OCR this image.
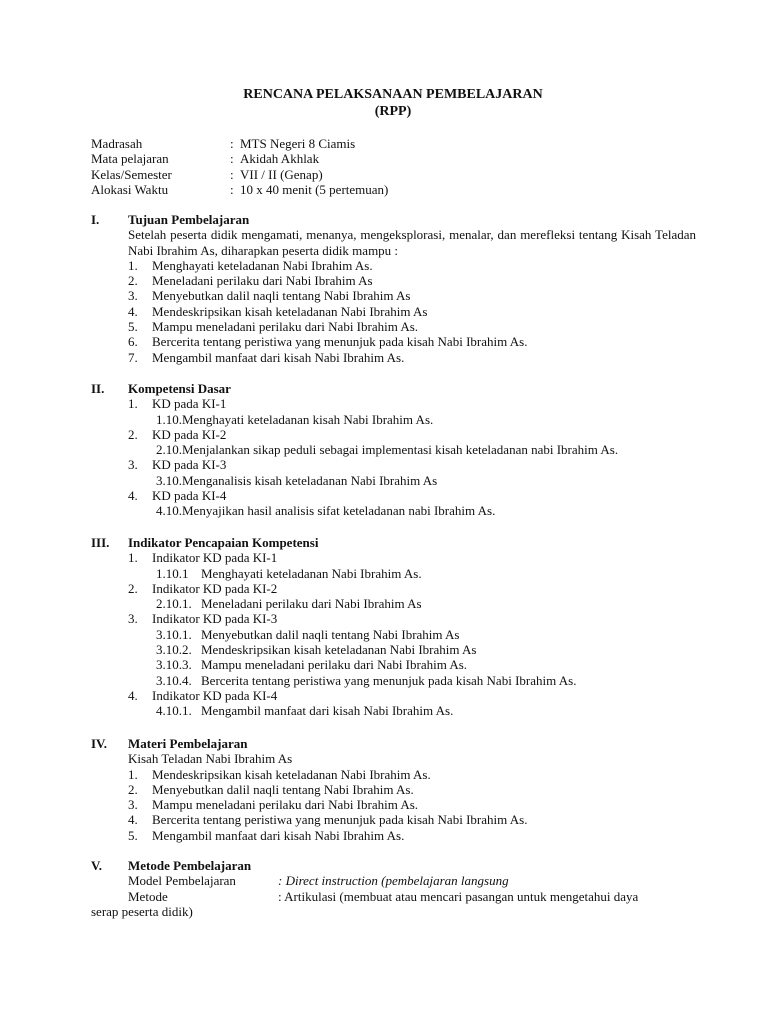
RENCANA PELAKSANAAN PEMBELAJARAN
(RPP)
Madrasah	: MTS Negeri 8 Ciamis
Mata pelajaran	: Akidah Akhlak
Kelas/Semester	: VII / II (Genap)
Alokasi Waktu	: 10 x 40 menit (5 pertemuan)
I. Tujuan Pembelajaran
Setelah peserta didik mengamati, menanya, mengeksplorasi, menalar, dan merefleksi tentang Kisah Teladan Nabi Ibrahim As, diharapkan peserta didik mampu :
1. Menghayati keteladanan Nabi Ibrahim As.
2. Meneladani perilaku dari Nabi Ibrahim As
3. Menyebutkan dalil naqli tentang Nabi Ibrahim As
4. Mendeskripsikan kisah keteladanan Nabi Ibrahim As
5. Mampu meneladani perilaku dari Nabi Ibrahim As.
6. Bercerita tentang peristiwa yang menunjuk pada kisah Nabi Ibrahim As.
7. Mengambil manfaat dari kisah Nabi Ibrahim As.
II. Kompetensi Dasar
1. KD pada KI-1
1.10.Menghayati keteladanan kisah Nabi Ibrahim As.
2. KD pada KI-2
2.10.Menjalankan sikap peduli sebagai implementasi kisah keteladanan nabi Ibrahim As.
3. KD pada KI-3
3.10.Menganalisis kisah keteladanan Nabi Ibrahim As
4. KD pada KI-4
4.10.Menyajikan hasil analisis sifat keteladanan nabi Ibrahim As.
III. Indikator Pencapaian Kompetensi
1. Indikator KD pada KI-1
1.10.1 Menghayati keteladanan Nabi Ibrahim As.
2. Indikator KD pada KI-2
2.10.1. Meneladani perilaku dari Nabi Ibrahim As
3. Indikator KD pada KI-3
3.10.1. Menyebutkan dalil naqli tentang Nabi Ibrahim As
3.10.2. Mendeskripsikan kisah keteladanan Nabi Ibrahim As
3.10.3. Mampu meneladani perilaku dari Nabi Ibrahim As.
3.10.4. Bercerita tentang peristiwa yang menunjuk pada kisah Nabi Ibrahim As.
4. Indikator KD pada KI-4
4.10.1. Mengambil manfaat dari kisah Nabi Ibrahim As.
IV. Materi Pembelajaran
Kisah Teladan Nabi Ibrahim As
1. Mendeskripsikan kisah keteladanan Nabi Ibrahim As.
2. Menyebutkan dalil naqli tentang Nabi Ibrahim As.
3. Mampu meneladani perilaku dari Nabi Ibrahim As.
4. Bercerita tentang peristiwa yang menunjuk pada kisah Nabi Ibrahim As.
5. Mengambil manfaat dari kisah Nabi Ibrahim As.
V. Metode Pembelajaran
Model Pembelajaran	: Direct instruction (pembelajaran langsung
Metode	: Artikulasi (membuat atau mencari pasangan untuk mengetahui daya
serap peserta didik)
